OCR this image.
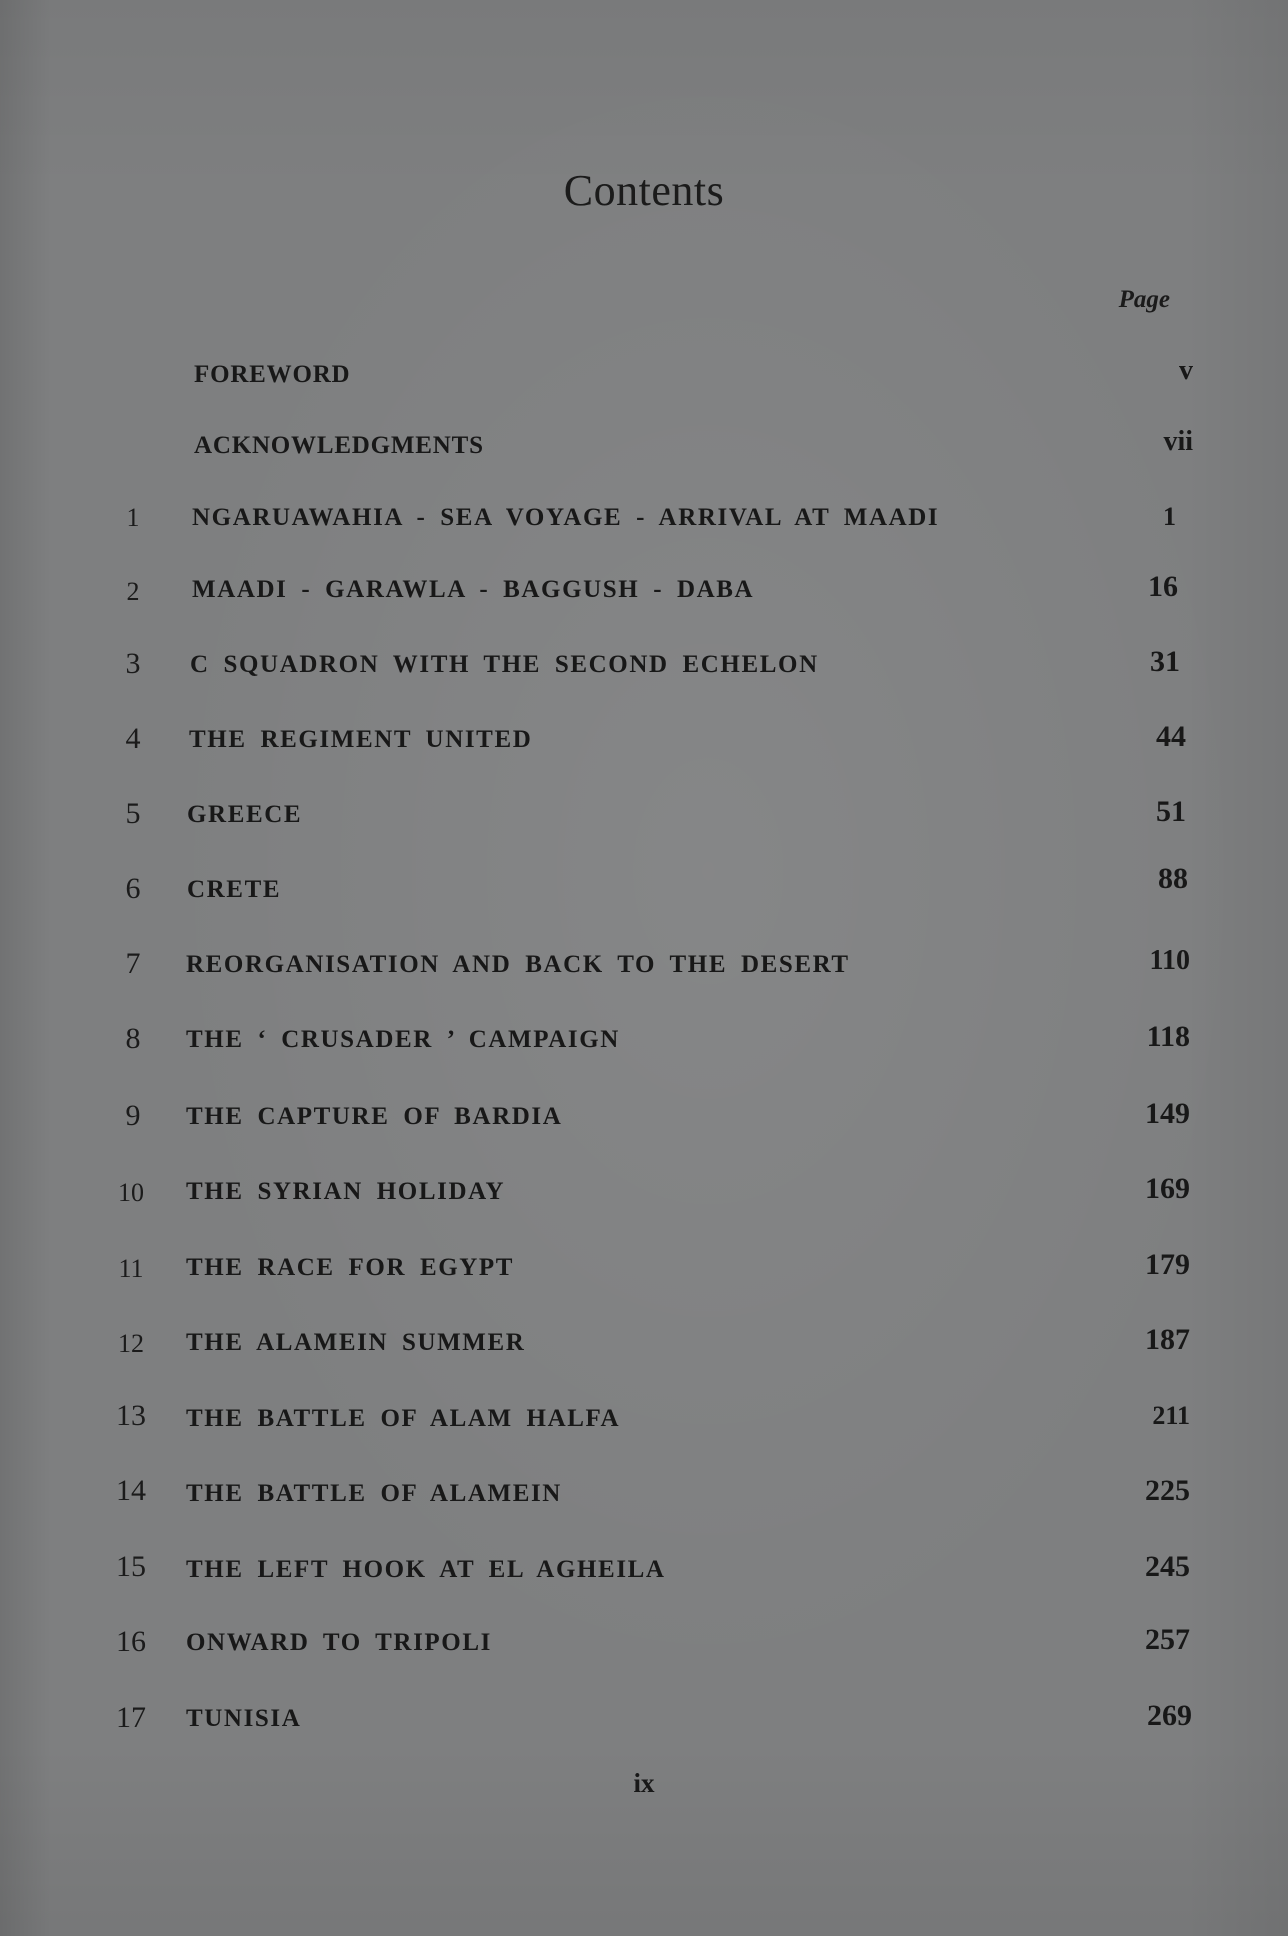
Contents
Page
FOREWORD	v
ACKNOWLEDGMENTS	vii
1	NGARUAWAHIA - SEA VOYAGE - ARRIVAL AT MAADI	1
2	MAADI - GARAWLA - BAGGUSH - DABA	16
3	C SQUADRON WITH THE SECOND ECHELON	31
4	THE REGIMENT UNITED	44
5	GREECE	51
6	CRETE	88
7	REORGANISATION AND BACK TO THE DESERT	110
8	THE ‘ CRUSADER ’ CAMPAIGN	118
9	THE CAPTURE OF BARDIA	149
10	THE SYRIAN HOLIDAY	169
11	THE RACE FOR EGYPT	179
12	THE ALAMEIN SUMMER	187
13 THE BATTLE OF ALAM HALFA	211
14 THE BATTLE OF ALAMEIN	225
15 THE LEFT HOOK AT EL AGHEILA	245
16 ONWARD TO TRIPOLI	257
17 TUNISIA	269
ix
